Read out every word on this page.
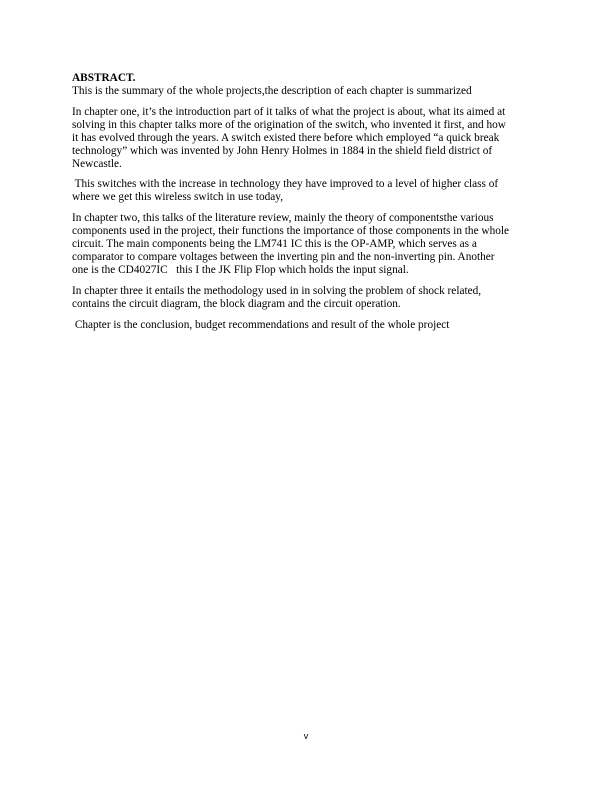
ABSTRACT.

This is the summary of the whole projects,the description of each chapter is summarized

In chapter one, it’s the introduction part of it talks of what the project is about, what its aimed at
solving in this chapter talks more of the origination of the switch, who invented it first, and how
it has evolved through the years. A switch existed there before which employed “a quick break
technology” which was invented by John Henry Holmes in 1884 in the shield field district of
Newcastle.

This switches with the increase in technology they have improved to a level of higher class of
where we get this wireless switch in use today,

In chapter two, this talks of the literature review, mainly the theory of componentsthe various
components used in the project, their functions the importance of those components in the whole
circuit. The main components being the LM741 IC this is the OP-AMP, which serves as a
comparator to compare voltages between the inverting pin and the non-inverting pin. Another
one is the CD4027IC   this I the JK Flip Flop which holds the input signal.

In chapter three it entails the methodology used in in solving the problem of shock related,
contains the circuit diagram, the block diagram and the circuit operation.

Chapter is the conclusion, budget recommendations and result of the whole project

v
